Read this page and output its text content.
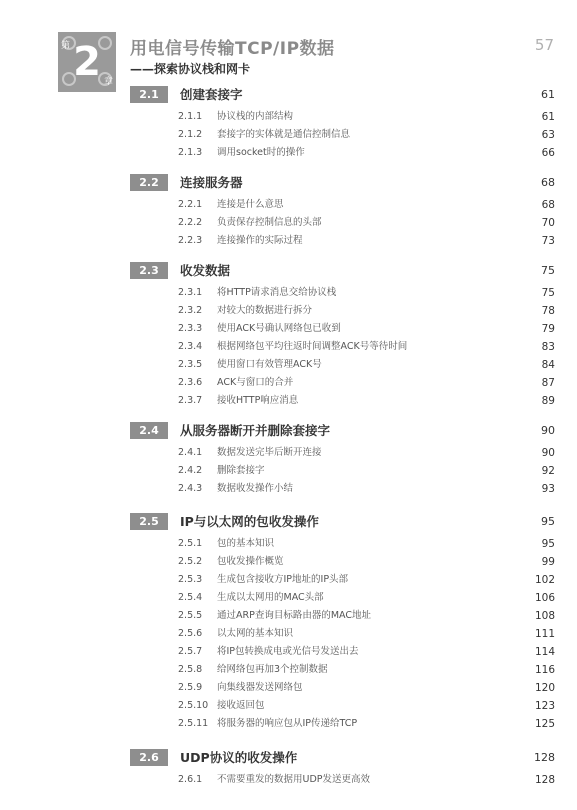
第 2 章
用电信号传输TCP/IP数据
——探索协议栈和网卡
57
2.1	创建套接字	61
2.1.1 协议栈的内部结构	61
2.1.2 套接字的实体就是通信控制信息	63
2.1.3 调用socket时的操作	66
2.2	连接服务器	68
2.2.1 连接是什么意思	68
2.2.2 负责保存控制信息的头部	70
2.2.3 连接操作的实际过程	73
2.3	收发数据	75
2.3.1 将HTTP请求消息交给协议栈	75
2.3.2 对较大的数据进行拆分	78
2.3.3 使用ACK号确认网络包已收到	79
2.3.4 根据网络包平均往返时间调整ACK号等待时间	83
2.3.5 使用窗口有效管理ACK号	84
2.3.6 ACK与窗口的合并	87
2.3.7 接收HTTP响应消息	89
2.4	从服务器断开并删除套接字	90
2.4.1 数据发送完毕后断开连接	90
2.4.2 删除套接字	92
2.4.3 数据收发操作小结	93
2.5	IP与以太网的包收发操作	95
2.5.1 包的基本知识	95
2.5.2 包收发操作概览	99
2.5.3 生成包含接收方IP地址的IP头部	102
2.5.4 生成以太网用的MAC头部	106
2.5.5 通过ARP查询目标路由器的MAC地址	108
2.5.6 以太网的基本知识	111
2.5.7 将IP包转换成电或光信号发送出去	114
2.5.8 给网络包再加3个控制数据	116
2.5.9 向集线器发送网络包	120
2.5.10 接收返回包	123
2.5.11 将服务器的响应包从IP传递给TCP	125
2.6	UDP协议的收发操作	128
2.6.1 不需要重发的数据用UDP发送更高效	128
